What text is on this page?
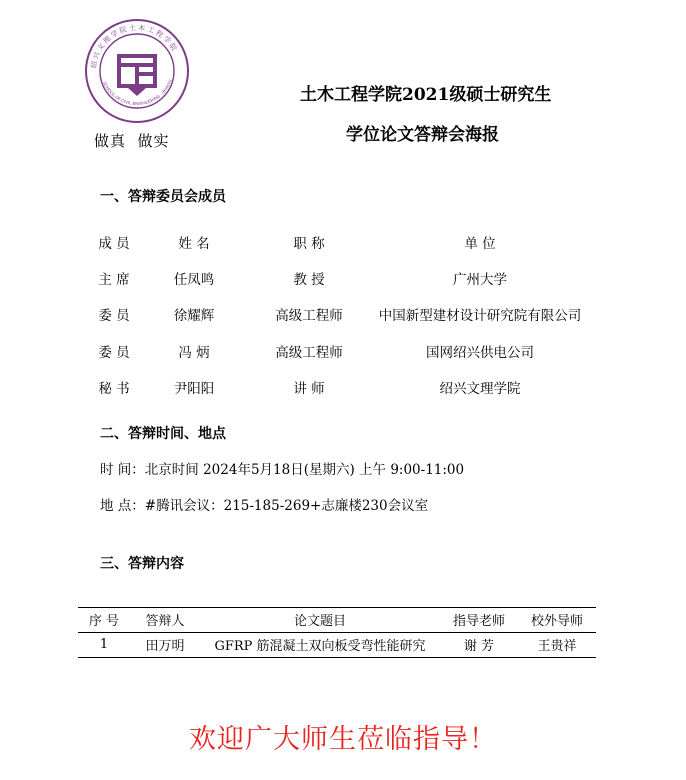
绍 兴 文 理 学 院 土 木 工 程 学 院
SCHOOL OF CIVIL ENGINEERING · SHAOXI
做真  做实
土木工程学院2021级硕士研究生
学位论文答辩会海报
一、答辩委员会成员
成 员	姓 名	职 称	单 位
主 席	任凤鸣	教 授	广州大学
委 员	徐耀辉	高级工程师	中国新型建材设计研究院有限公司
委 员	冯 炳	高级工程师	国网绍兴供电公司
秘 书	尹阳阳	讲 师	绍兴文理学院
二、答辩时间、地点
时 间：北京时间 2024年5月18日(星期六) 上午 9:00-11:00
地 点：#腾讯会议：215-185-269+志廉楼230会议室
三、答辩内容
序 号	答辩人	论文题目	指导老师	校外导师
1	田万明	GFRP 筋混凝土双向板受弯性能研究	谢 芳	王贵祥
欢迎广大师生莅临指导！
